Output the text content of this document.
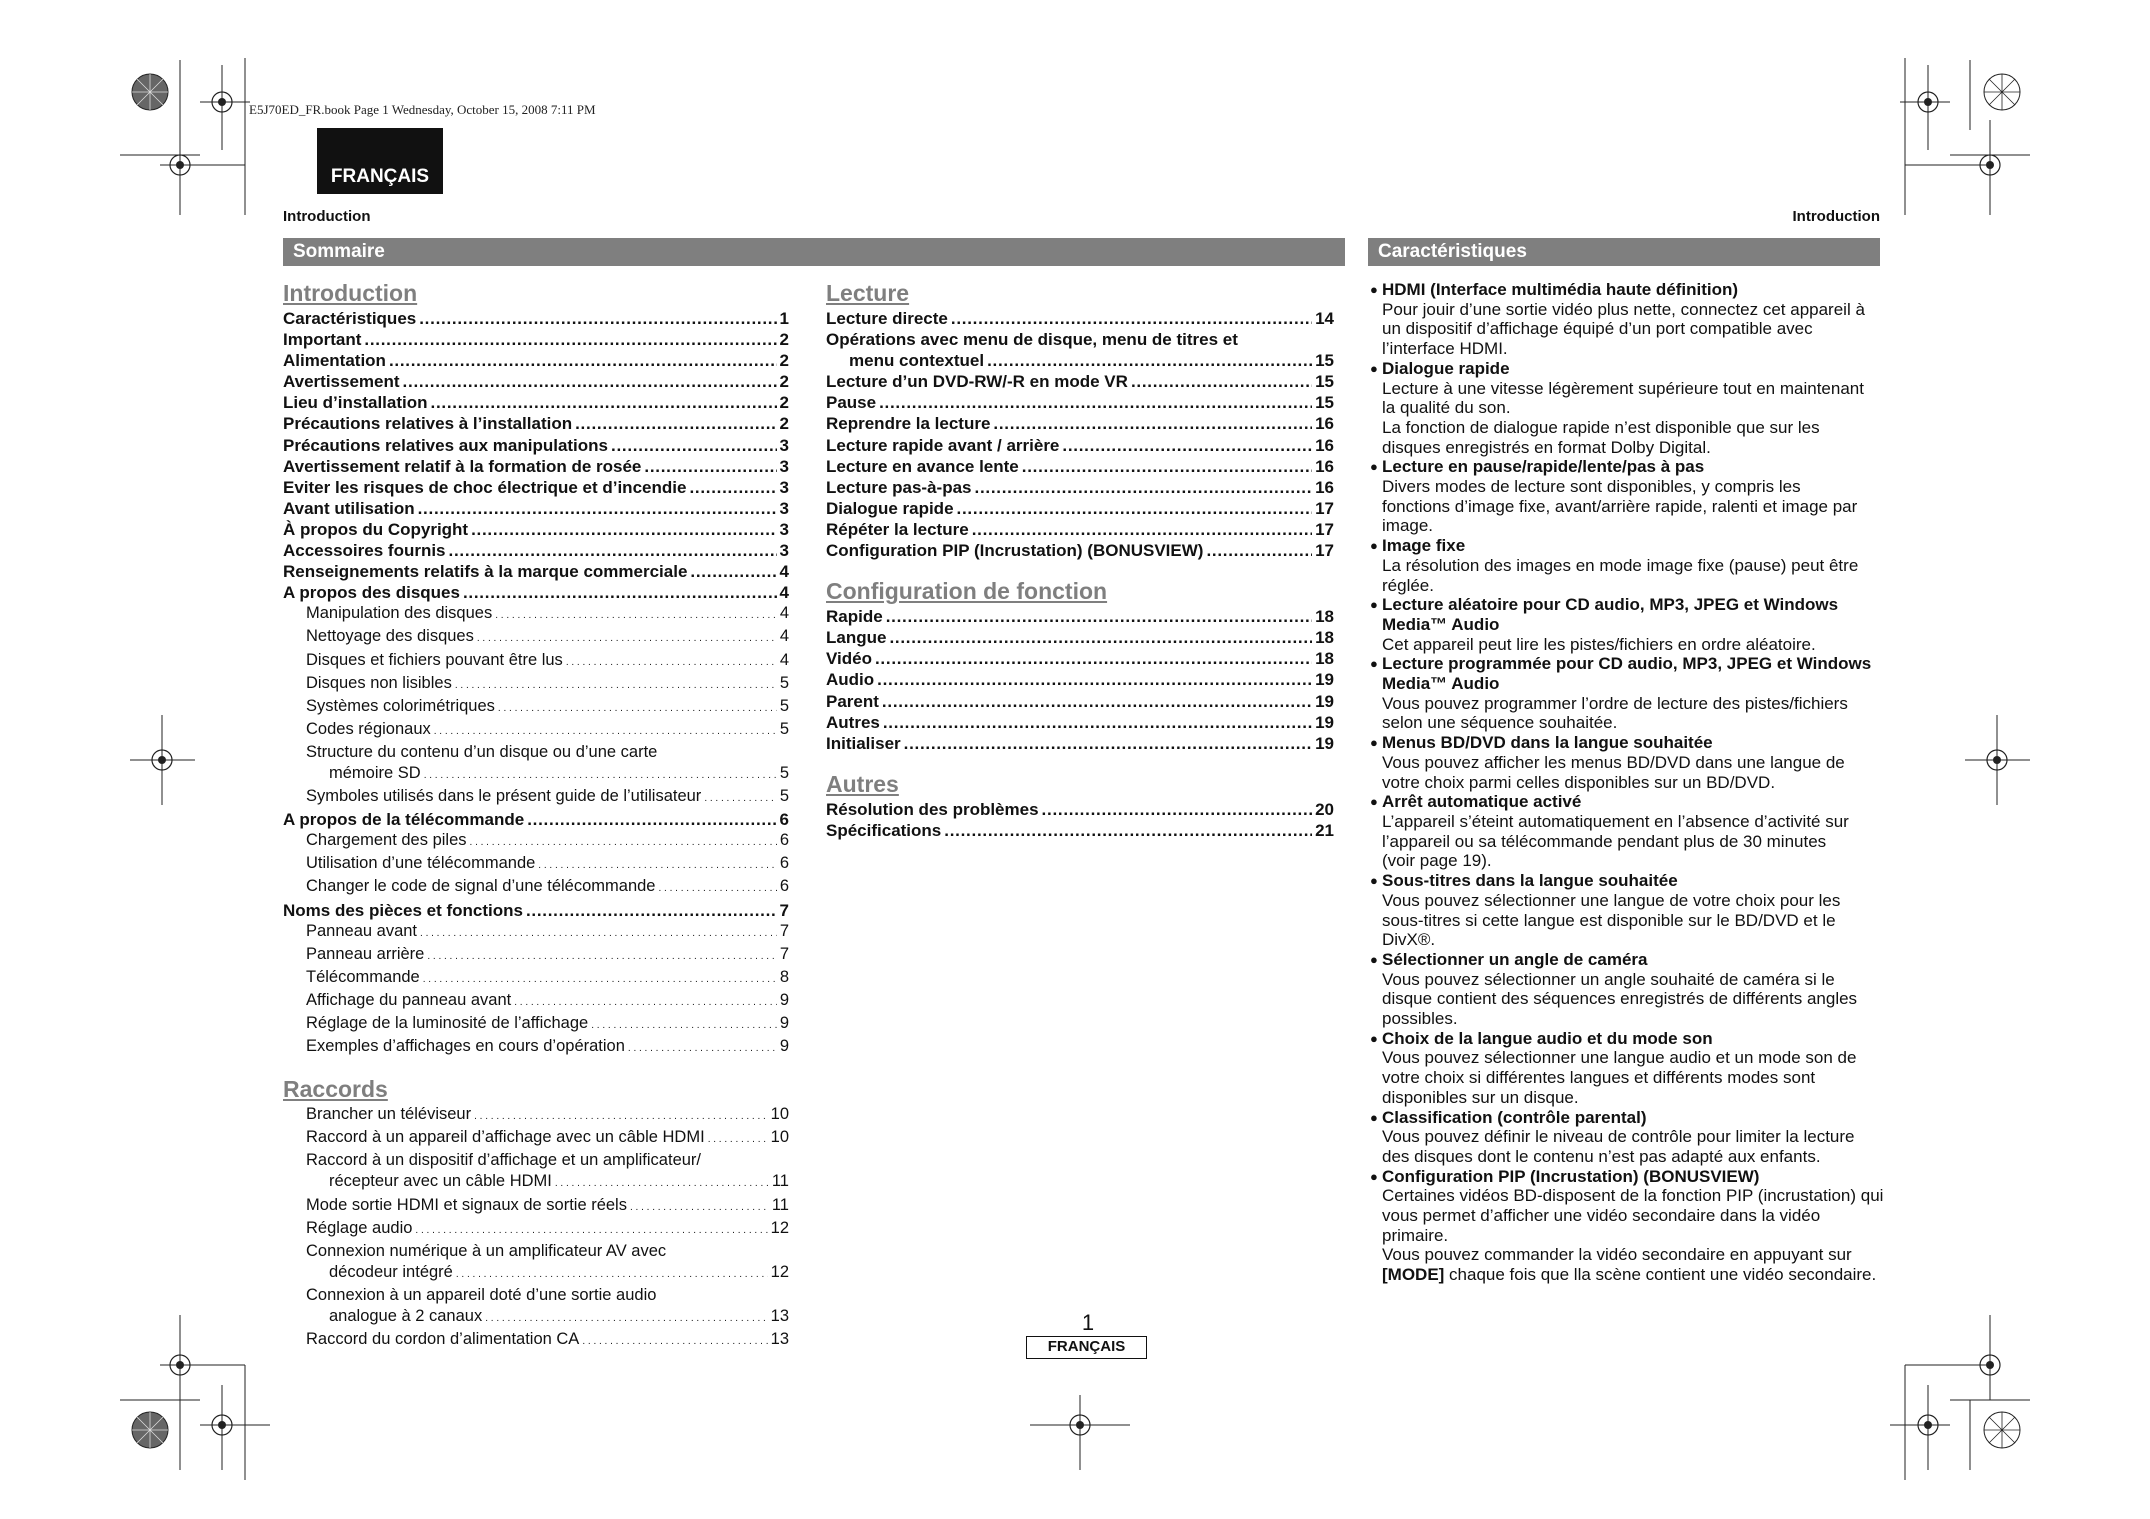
E5J70ED_FR.book Page 1 Wednesday, October 15, 2008 7:11 PM
FRANÇAIS
Introduction	Introduction
Sommaire	Caractéristiques
Introduction
Caractéristiques . . .	1
Important . . .	2
Alimentation . . .	2
Avertissement . . .	2
Lieu d’installation . . .	2
Précautions relatives à l’installation . . .	2
Précautions relatives aux manipulations . . .	3
Avertissement relatif à la formation de rosée . . .	3
Eviter les risques de choc électrique et d’incendie . . .	3
Avant utilisation . . .	3
À propos du Copyright . . .	3
Accessoires fournis . . .	3
Renseignements relatifs à la marque commerciale . . .	4
A propos des disques . . .	4
Manipulation des disques . . .	4
Nettoyage des disques . . .	4
Disques et fichiers pouvant être lus . . .	4
Disques non lisibles . . .	5
Systèmes colorimétriques . . .	5
Codes régionaux . . .	5
Structure du contenu d’un disque ou d’une carte
mémoire SD . . .	5
Symboles utilisés dans le présent guide de l’utilisateur . . .	5
A propos de la télécommande . . .	6
Chargement des piles . . .	6
Utilisation d’une télécommande . . .	6
Changer le code de signal d’une télécommande . . .	6
Noms des pièces et fonctions . . .	7
Panneau avant . . .	7
Panneau arrière . . .	7
Télécommande . . .	8
Affichage du panneau avant . . .	9
Réglage de la luminosité de l’affichage . . .	9
Exemples d’affichages en cours d’opération . . .	9
Raccords
Brancher un téléviseur . . .	10
Raccord à un appareil d’affichage avec un câble HDMI . . .	10
Raccord à un dispositif d’affichage et un amplificateur/
récepteur avec un câble HDMI . . .	11
Mode sortie HDMI et signaux de sortie réels . . .	11
Réglage audio . . .	12
Connexion numérique à un amplificateur AV avec
décodeur intégré . . .	12
Connexion à un appareil doté d’une sortie audio
analogue à 2 canaux . . .	13
Raccord du cordon d’alimentation CA . . .	13
Lecture
Lecture directe . . .	14
Opérations avec menu de disque, menu de titres et
menu contextuel . . .	15
Lecture d’un DVD-RW/-R en mode VR . . .	15
Pause . . .	15
Reprendre la lecture . . .	16
Lecture rapide avant / arrière . . .	16
Lecture en avance lente . . .	16
Lecture pas-à-pas . . .	16
Dialogue rapide . . .	17
Répéter la lecture . . .	17
Configuration PIP (Incrustation) (BONUSVIEW) . . .	17
Configuration de fonction
Rapide . . .	18
Langue . . .	18
Vidéo . . .	18
Audio . . .	19
Parent . . .	19
Autres . . .	19
Initialiser . . .	19
Autres
Résolution des problèmes . . .	20
Spécifications . . .	21
● HDMI (Interface multimédia haute définition)
Pour jouir d’une sortie vidéo plus nette, connectez cet appareil à
un dispositif d’affichage équipé d’un port compatible avec
l’interface HDMI.
● Dialogue rapide
Lecture à une vitesse légèrement supérieure tout en maintenant
la qualité du son.
La fonction de dialogue rapide n’est disponible que sur les
disques enregistrés en format Dolby Digital.
● Lecture en pause/rapide/lente/pas à pas
Divers modes de lecture sont disponibles, y compris les
fonctions d’image fixe, avant/arrière rapide, ralenti et image par
image.
● Image fixe
La résolution des images en mode image fixe (pause) peut être
réglée.
● Lecture aléatoire pour CD audio, MP3, JPEG et Windows
Media™ Audio
Cet appareil peut lire les pistes/fichiers en ordre aléatoire.
● Lecture programmée pour CD audio, MP3, JPEG et Windows
Media™ Audio
Vous pouvez programmer l’ordre de lecture des pistes/fichiers
selon une séquence souhaitée.
● Menus BD/DVD dans la langue souhaitée
Vous pouvez afficher les menus BD/DVD dans une langue de
votre choix parmi celles disponibles sur un BD/DVD.
● Arrêt automatique activé
L’appareil s’éteint automatiquement en l’absence d’activité sur
l’appareil ou sa télécommande pendant plus de 30 minutes
(voir page 19).
● Sous-titres dans la langue souhaitée
Vous pouvez sélectionner une langue de votre choix pour les
sous-titres si cette langue est disponible sur le BD/DVD et le
DivX®.
● Sélectionner un angle de caméra
Vous pouvez sélectionner un angle souhaité de caméra si le
disque contient des séquences enregistrés de différents angles
possibles.
● Choix de la langue audio et du mode son
Vous pouvez sélectionner une langue audio et un mode son de
votre choix si différentes langues et différents modes sont
disponibles sur un disque.
● Classification (contrôle parental)
Vous pouvez définir le niveau de contrôle pour limiter la lecture
des disques dont le contenu n’est pas adapté aux enfants.
● Configuration PIP (Incrustation) (BONUSVIEW)
Certaines vidéos BD-disposent de la fonction PIP (incrustation) qui
vous permet d’afficher une vidéo secondaire dans la vidéo primaire.
Vous pouvez commander la vidéo secondaire en appuyant sur
[MODE] chaque fois que lla scène contient une vidéo secondaire.
1
FRANÇAIS
